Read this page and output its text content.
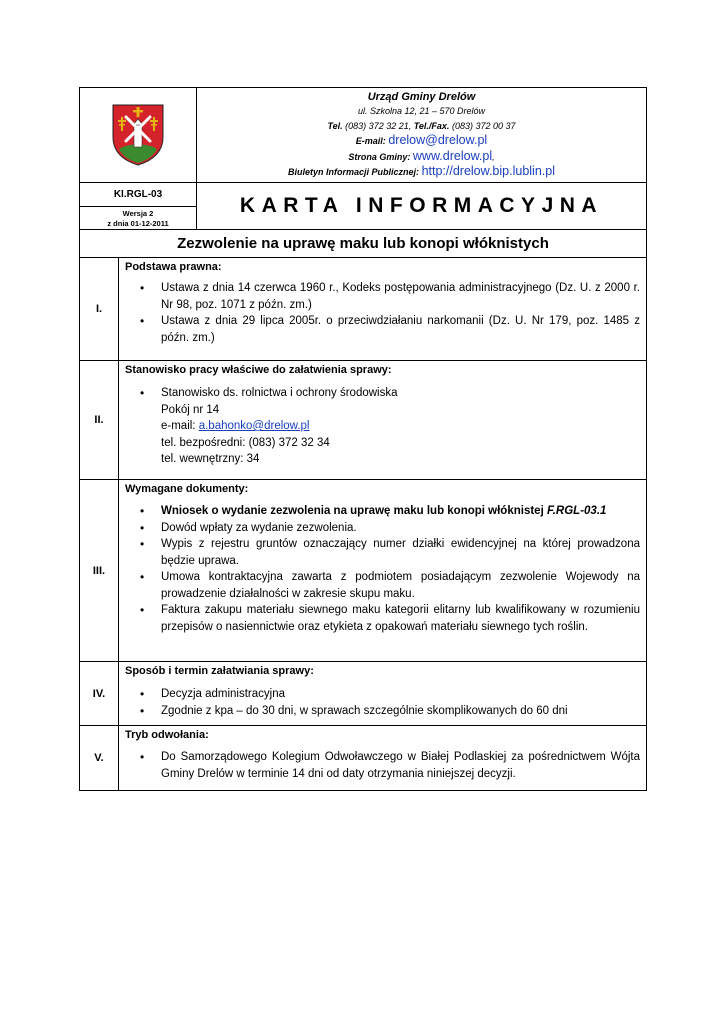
Urząd Gminy Drelów
ul. Szkolna 12, 21 – 570 Drelów
Tel. (083) 372 32 21, Tel./Fax. (083) 372 00 37
E-mail: drelow@drelow.pl
Strona Gminy: www.drelow.pl,
Biuletyn Informacji Publicznej: http://drelow.bip.lublin.pl
KI.RGL-03
Wersja 2
z dnia 01-12-2011
KARTA INFORMACYJNA
Zezwolenie na uprawę maku lub konopi włóknistych
I.
Podstawa prawna:
• Ustawa z dnia 14 czerwca 1960 r., Kodeks postępowania administracyjnego (Dz. U. z 2000 r. Nr 98, poz. 1071 z późn. zm.)
• Ustawa z dnia 29 lipca 2005r. o przeciwdziałaniu narkomanii (Dz. U. Nr 179, poz. 1485 z późn. zm.)
II.
Stanowisko pracy właściwe do załatwienia sprawy:
• Stanowisko ds. rolnictwa i ochrony środowiska
Pokój nr 14
e-mail: a.bahonko@drelow.pl
tel. bezpośredni: (083) 372 32 34
tel. wewnętrzny: 34
III.
Wymagane dokumenty:
• Wniosek o wydanie zezwolenia na uprawę maku lub konopi włóknistej F.RGL-03.1
• Dowód wpłaty za wydanie zezwolenia.
• Wypis z rejestru gruntów oznaczający numer działki ewidencyjnej na której prowadzona będzie uprawa.
• Umowa kontraktacyjna zawarta z podmiotem posiadającym zezwolenie Wojewody na prowadzenie działalności w zakresie skupu maku.
• Faktura zakupu materiału siewnego maku kategorii elitarny lub kwalifikowany w rozumieniu przepisów o nasiennictwie oraz etykieta z opakowań materiału siewnego tych roślin.
IV.
Sposób i termin załatwiania sprawy:
• Decyzja administracyjna
• Zgodnie z kpa – do 30 dni, w sprawach szczególnie skomplikowanych do 60 dni
V.
Tryb odwołania:
• Do Samorządowego Kolegium Odwoławczego w Białej Podlaskiej za pośrednictwem Wójta Gminy Drelów w terminie 14 dni od daty otrzymania niniejszej decyzji.
